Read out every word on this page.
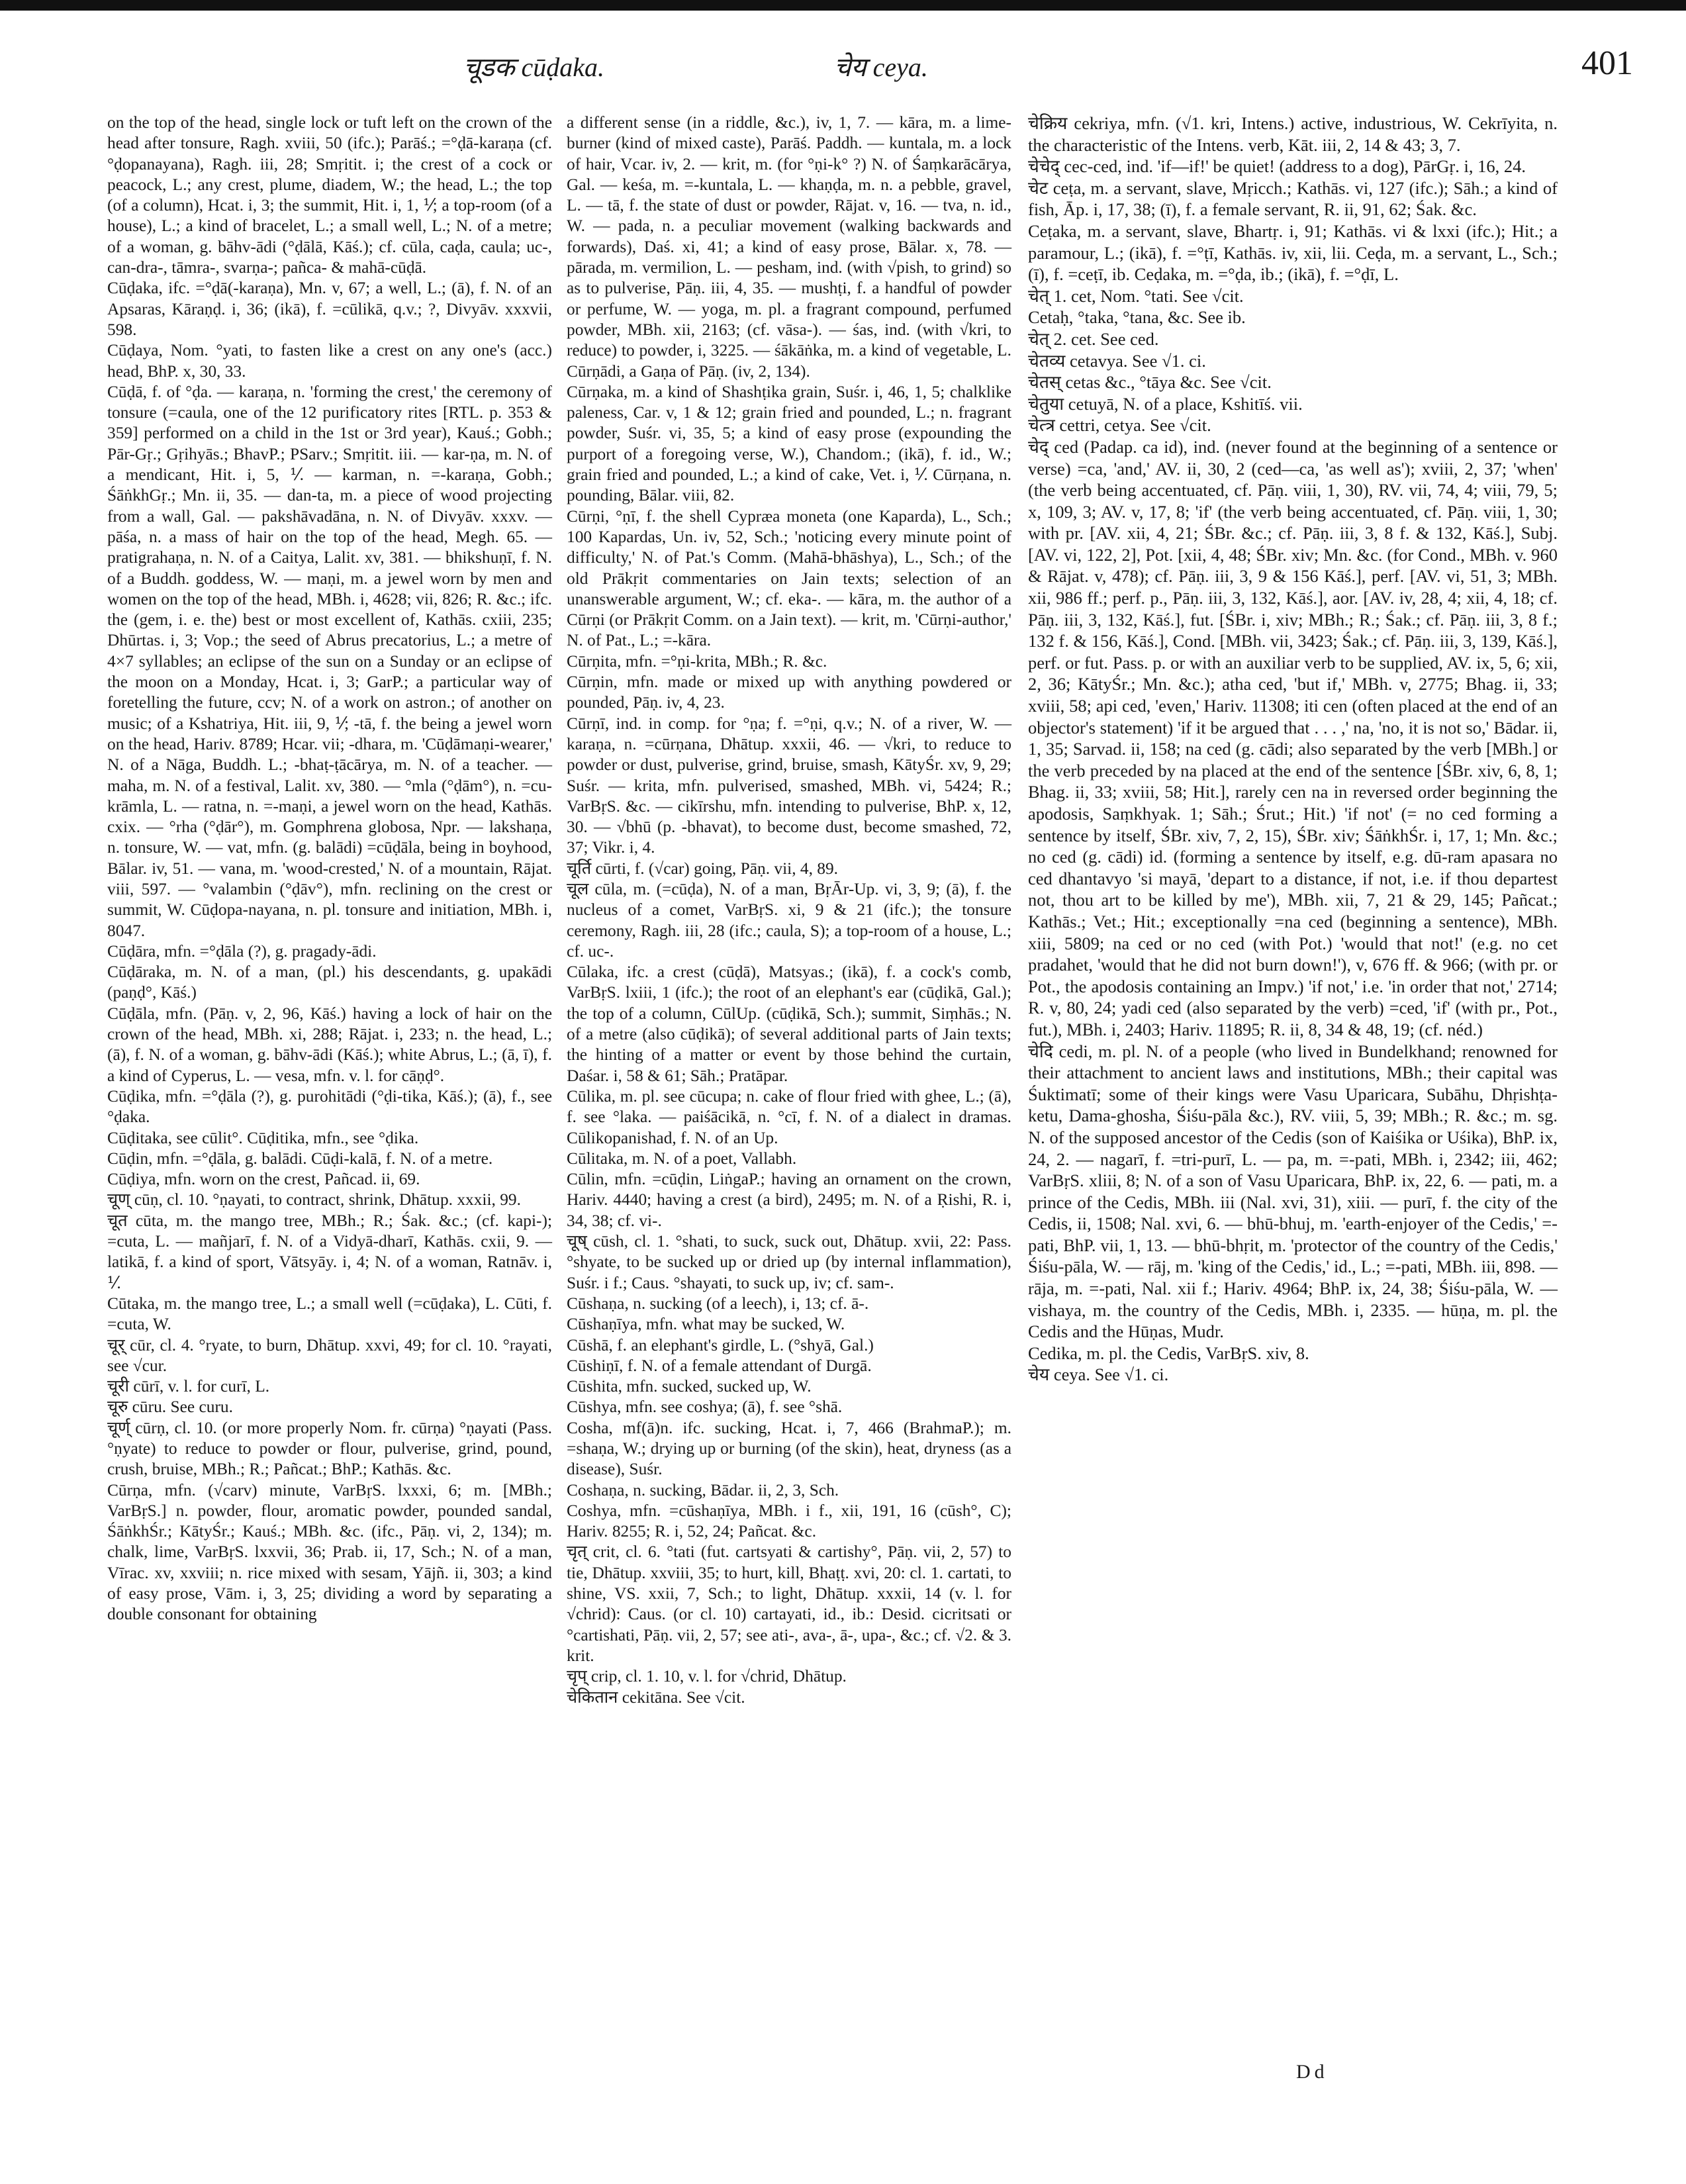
चूडक cūḍaka.	चेय ceya.	401

on the top of the head, single lock or tuft left on the crown of the head after tonsure, Ragh. xviii, 50 (ifc.); Parāś.; =°ḍā-karaṇa (cf. °ḍopanayana), Ragh. iii, 28; Smṛitit. i; the crest of a cock or peacock, L.; any crest, plume, diadem, W.; the head, L.; the top (of a column), Hcat. i, 3; the summit, Hit. i, 1, ⅟; a top-room (of a house), L.; a kind of bracelet, L.; a small well, L.; N. of a metre; of a woman, g. bāhv-ādi (°ḍālā, Kāś.); cf. cūla, caḍa, caula; uc-, can-dra-, tāmra-, svarṇa-; pañca- & mahā-cūḍā.
Cūḍaka, ifc. =°ḍā(-karaṇa), Mn. v, 67; a well, L.; (ā), f. N. of an Apsaras, Kāraṇḍ. i, 36; (ikā), f. =cūlikā, q.v.; ?, Divyāv. xxxvii, 598.
Cūḍaya, Nom. °yati, to fasten like a crest on any one's (acc.) head, BhP. x, 30, 33.
Cūḍā, f. of °ḍa. — karaṇa, n. 'forming the crest,' the ceremony of tonsure (=caula, one of the 12 purificatory rites [RTL. p. 353 & 359] performed on a child in the 1st or 3rd year), Kauś.; Gobh.; Pār-Gṛ.; Gṛihyās.; BhavP.; PSarv.; Smṛitit. iii. — kar-ṇa, m. N. of a mendicant, Hit. i, 5, ⅟. — karman, n. =-karaṇa, Gobh.; ŚāṅkhGṛ.; Mn. ii, 35. — dan-ta, m. a piece of wood projecting from a wall, Gal. — pakshāvadāna, n. N. of Divyāv. xxxv. — pāśa, n. a mass of hair on the top of the head, Megh. 65. — pratigrahaṇa, n. N. of a Caitya, Lalit. xv, 381. — bhikshuṇī, f. N. of a Buddh. goddess, W. — maṇi, m. a jewel worn by men and women on the top of the head, MBh. i, 4628; vii, 826; R. &c.; ifc. the (gem, i. e. the) best or most excellent of, Kathās. cxiii, 235; Dhūrtas. i, 3; Vop.; the seed of Abrus precatorius, L.; a metre of 4×7 syllables; an eclipse of the sun on a Sunday or an eclipse of the moon on a Monday, Hcat. i, 3; GarP.; a particular way of foretelling the future, ccv; N. of a work on astron.; of another on music; of a Kshatriya, Hit. iii, 9, ⅟; -tā, f. the being a jewel worn on the head, Hariv. 8789; Hcar. vii; -dhara, m. 'Cūḍāmaṇi-wearer,' N. of a Nāga, Buddh. L.; -bhaṭ-ṭācārya, m. N. of a teacher. — maha, m. N. of a festival, Lalit. xv, 380. — °mla (°ḍām°), n. =cu-krāmla, L. — ratna, n. =-maṇi, a jewel worn on the head, Kathās. cxix. — °rha (°ḍār°), m. Gomphrena globosa, Npr. — lakshaṇa, n. tonsure, W. — vat, mfn. (g. balādi) =cūḍāla, being in boyhood, Bālar. iv, 51. — vana, m. 'wood-crested,' N. of a mountain, Rājat. viii, 597. — °valambin (°ḍāv°), mfn. reclining on the crest or summit, W. Cūḍopa-nayana, n. pl. tonsure and initiation, MBh. i, 8047.
Cūḍāra, mfn. =°ḍāla (?), g. pragady-ādi.
Cūḍāraka, m. N. of a man, (pl.) his descendants, g. upakādi (paṇḍ°, Kāś.)
Cūḍāla, mfn. (Pāṇ. v, 2, 96, Kāś.) having a lock of hair on the crown of the head, MBh. xi, 288; Rājat. i, 233; n. the head, L.; (ā), f. N. of a woman, g. bāhv-ādi (Kāś.); white Abrus, L.; (ā, ī), f. a kind of Cyperus, L. — vesa, mfn. v. l. for cāṇḍ°.
Cūḍika, mfn. =°ḍāla (?), g. purohitādi (°ḍi-tika, Kāś.); (ā), f., see °ḍaka.
Cūḍitaka, see cūlit°. Cūḍitika, mfn., see °ḍika.
Cūḍin, mfn. =°ḍāla, g. balādi. Cūḍi-kalā, f. N. of a metre.
Cūḍiya, mfn. worn on the crest, Pañcad. ii, 69.
चूण् cūṇ, cl. 10. °ṇayati, to contract, shrink, Dhātup. xxxii, 99.
चूत cūta, m. the mango tree, MBh.; R.; Śak. &c.; (cf. kapi-); =cuta, L. — mañjarī, f. N. of a Vidyā-dharī, Kathās. cxii, 9. — latikā, f. a kind of sport, Vātsyāy. i, 4; N. of a woman, Ratnāv. i, ⅟.
Cūtaka, m. the mango tree, L.; a small well (=cūḍaka), L. Cūti, f. =cuta, W.
चूर् cūr, cl. 4. °ryate, to burn, Dhātup. xxvi, 49; for cl. 10. °rayati, see √cur.
चूरी cūrī, v. l. for curī, L.
चूरु cūru. See curu.
चूर्ण् cūrṇ, cl. 10. (or more properly Nom. fr. cūrṇa) °ṇayati (Pass. °ṇyate) to reduce to powder or flour, pulverise, grind, pound, crush, bruise, MBh.; R.; Pañcat.; BhP.; Kathās. &c.
Cūrṇa, mfn. (√carv) minute, VarBṛS. lxxxi, 6; m. [MBh.; VarBṛS.] n. powder, flour, aromatic powder, pounded sandal, ŚāṅkhŚr.; KātyŚr.; Kauś.; MBh. &c. (ifc., Pāṇ. vi, 2, 134); m. chalk, lime, VarBṛS. lxxvii, 36; Prab. ii, 17, Sch.; N. of a man, Vīrac. xv, xxviii; n. rice mixed with sesam, Yājñ. ii, 303; a kind of easy prose, Vām. i, 3, 25; dividing a word by separating a double consonant for obtaining

a different sense (in a riddle, &c.), iv, 1, 7. — kāra, m. a lime-burner (kind of mixed caste), Parāś. Paddh. — kuntala, m. a lock of hair, Vcar. iv, 2. — krit, m. (for °ṇi-k° ?) N. of Śaṃkarācārya, Gal. — keśa, m. =-kuntala, L. — khaṇḍa, m. n. a pebble, gravel, L. — tā, f. the state of dust or powder, Rājat. v, 16. — tva, n. id., W. — pada, n. a peculiar movement (walking backwards and forwards), Daś. xi, 41; a kind of easy prose, Bālar. x, 78. — pārada, m. vermilion, L. — pesham, ind. (with √pish, to grind) so as to pulverise, Pāṇ. iii, 4, 35. — mushṭi, f. a handful of powder or perfume, W. — yoga, m. pl. a fragrant compound, perfumed powder, MBh. xii, 2163; (cf. vāsa-). — śas, ind. (with √kri, to reduce) to powder, i, 3225. — śākāṅka, m. a kind of vegetable, L. Cūrṇādi, a Gaṇa of Pāṇ. (iv, 2, 134).
Cūrṇaka, m. a kind of Shashṭika grain, Suśr. i, 46, 1, 5; chalklike paleness, Car. v, 1 & 12; grain fried and pounded, L.; n. fragrant powder, Suśr. vi, 35, 5; a kind of easy prose (expounding the purport of a foregoing verse, W.), Chandom.; (ikā), f. id., W.; grain fried and pounded, L.; a kind of cake, Vet. i, ⅟. Cūrṇana, n. pounding, Bālar. viii, 82.
Cūrṇi, °ṇī, f. the shell Cypræa moneta (one Kaparda), L., Sch.; 100 Kapardas, Un. iv, 52, Sch.; 'noticing every minute point of difficulty,' N. of Pat.'s Comm. (Mahā-bhāshya), L., Sch.; of the old Prākṛit commentaries on Jain texts; selection of an unanswerable argument, W.; cf. eka-. — kāra, m. the author of a Cūrṇi (or Prākṛit Comm. on a Jain text). — krit, m. 'Cūrṇi-author,' N. of Pat., L.; =-kāra.
Cūrṇita, mfn. =°ṇi-krita, MBh.; R. &c.
Cūrṇin, mfn. made or mixed up with anything powdered or pounded, Pāṇ. iv, 4, 23.
Cūrṇī, ind. in comp. for °ṇa; f. =°ṇi, q.v.; N. of a river, W. — karaṇa, n. =cūrṇana, Dhātup. xxxii, 46. — √kri, to reduce to powder or dust, pulverise, grind, bruise, smash, KātyŚr. xv, 9, 29; Suśr. — krita, mfn. pulverised, smashed, MBh. vi, 5424; R.; VarBṛS. &c. — cikīrshu, mfn. intending to pulverise, BhP. x, 12, 30. — √bhū (p. -bhavat), to become dust, become smashed, 72, 37; Vikr. i, 4.
चूर्ति cūrti, f. (√car) going, Pāṇ. vii, 4, 89.
चूल cūla, m. (=cūḍa), N. of a man, BṛĀr-Up. vi, 3, 9; (ā), f. the nucleus of a comet, VarBṛS. xi, 9 & 21 (ifc.); the tonsure ceremony, Ragh. iii, 28 (ifc.; caula, S); a top-room of a house, L.; cf. uc-.
Cūlaka, ifc. a crest (cūḍā), Matsyas.; (ikā), f. a cock's comb, VarBṛS. lxiii, 1 (ifc.); the root of an elephant's ear (cūḍikā, Gal.); the top of a column, CūlUp. (cūḍikā, Sch.); summit, Siṃhās.; N. of a metre (also cūḍikā); of several additional parts of Jain texts; the hinting of a matter or event by those behind the curtain, Daśar. i, 58 & 61; Sāh.; Pratāpar.
Cūlika, m. pl. see cūcupa; n. cake of flour fried with ghee, L.; (ā), f. see °laka. — paiśācikā, n. °cī, f. N. of a dialect in dramas. Cūlikopanishad, f. N. of an Up.
Cūlitaka, m. N. of a poet, Vallabh.
Cūlin, mfn. =cūḍin, LiṅgaP.; having an ornament on the crown, Hariv. 4440; having a crest (a bird), 2495; m. N. of a Ṛishi, R. i, 34, 38; cf. vi-.
चूष् cūsh, cl. 1. °shati, to suck, suck out, Dhātup. xvii, 22: Pass. °shyate, to be sucked up or dried up (by internal inflammation), Suśr. i f.; Caus. °shayati, to suck up, iv; cf. sam-.
Cūshaṇa, n. sucking (of a leech), i, 13; cf. ā-.
Cūshaṇīya, mfn. what may be sucked, W.
Cūshā, f. an elephant's girdle, L. (°shyā, Gal.)
Cūshiṇī, f. N. of a female attendant of Durgā.
Cūshita, mfn. sucked, sucked up, W.
Cūshya, mfn. see coshya; (ā), f. see °shā.
Cosha, mf(ā)n. ifc. sucking, Hcat. i, 7, 466 (BrahmaP.); m. =shaṇa, W.; drying up or burning (of the skin), heat, dryness (as a disease), Suśr.
Coshaṇa, n. sucking, Bādar. ii, 2, 3, Sch.
Coshya, mfn. =cūshaṇīya, MBh. i f., xii, 191, 16 (cūsh°, C); Hariv. 8255; R. i, 52, 24; Pañcat. &c.
चृत् crit, cl. 6. °tati (fut. cartsyati & cartishy°, Pāṇ. vii, 2, 57) to tie, Dhātup. xxviii, 35; to hurt, kill, Bhaṭṭ. xvi, 20: cl. 1. cartati, to shine, VS. xxii, 7, Sch.; to light, Dhātup. xxxii, 14 (v. l. for √chrid): Caus. (or cl. 10) cartayati, id., ib.: Desid. cicritsati or °cartishati, Pāṇ. vii, 2, 57; see ati-, ava-, ā-, upa-, &c.; cf. √2. & 3. krit.
चृप् crip, cl. 1. 10, v. l. for √chrid, Dhātup.
चेकितान cekitāna. See √cit.

चेक्रिय cekriya, mfn. (√1. kri, Intens.) active, industrious, W. Cekrīyita, n. the characteristic of the Intens. verb, Kāt. iii, 2, 14 & 43; 3, 7.
चेचेद् cec-ced, ind. 'if—if!' be quiet! (address to a dog), PārGṛ. i, 16, 24.
चेट ceṭa, m. a servant, slave, Mṛicch.; Kathās. vi, 127 (ifc.); Sāh.; a kind of fish, Āp. i, 17, 38; (ī), f. a female servant, R. ii, 91, 62; Śak. &c.
Ceṭaka, m. a servant, slave, Bhartṛ. i, 91; Kathās. vi & lxxi (ifc.); Hit.; a paramour, L.; (ikā), f. =°ṭī, Kathās. iv, xii, lii. Ceḍa, m. a servant, L., Sch.; (ī), f. =ceṭī, ib. Ceḍaka, m. =°ḍa, ib.; (ikā), f. =°ḍī, L.
चेत् 1. cet, Nom. °tati. See √cit.
Cetaḥ, °taka, °tana, &c. See ib.
चेत् 2. cet. See ced.
चेतव्य cetavya. See √1. ci.
चेतस् cetas &c., °tāya &c. See √cit.
चेतुया cetuyā, N. of a place, Kshitīś. vii.
चेत्त्र cettri, cetya. See √cit.
चेद् ced (Padap. ca id), ind. (never found at the beginning of a sentence or verse) =ca, 'and,' AV. ii, 30, 2 (ced—ca, 'as well as'); xviii, 2, 37; 'when' (the verb being accentuated, cf. Pāṇ. viii, 1, 30), RV. vii, 74, 4; viii, 79, 5; x, 109, 3; AV. v, 17, 8; 'if' (the verb being accentuated, cf. Pāṇ. viii, 1, 30; with pr. [AV. xii, 4, 21; ŚBr. &c.; cf. Pāṇ. iii, 3, 8 f. & 132, Kāś.], Subj. [AV. vi, 122, 2], Pot. [xii, 4, 48; ŚBr. xiv; Mn. &c. (for Cond., MBh. v. 960 & Rājat. v, 478); cf. Pāṇ. iii, 3, 9 & 156 Kāś.], perf. [AV. vi, 51, 3; MBh. xii, 986 ff.; perf. p., Pāṇ. iii, 3, 132, Kāś.], aor. [AV. iv, 28, 4; xii, 4, 18; cf. Pāṇ. iii, 3, 132, Kāś.], fut. [ŚBr. i, xiv; MBh.; R.; Śak.; cf. Pāṇ. iii, 3, 8 f.; 132 f. & 156, Kāś.], Cond. [MBh. vii, 3423; Śak.; cf. Pāṇ. iii, 3, 139, Kāś.], perf. or fut. Pass. p. or with an auxiliar verb to be supplied, AV. ix, 5, 6; xii, 2, 36; KātyŚr.; Mn. &c.); atha ced, 'but if,' MBh. v, 2775; Bhag. ii, 33; xviii, 58; api ced, 'even,' Hariv. 11308; iti cen (often placed at the end of an objector's statement) 'if it be argued that . . . ,' na, 'no, it is not so,' Bādar. ii, 1, 35; Sarvad. ii, 158; na ced (g. cādi; also separated by the verb [MBh.] or the verb preceded by na placed at the end of the sentence [ŚBr. xiv, 6, 8, 1; Bhag. ii, 33; xviii, 58; Hit.], rarely cen na in reversed order beginning the apodosis, Saṃkhyak. 1; Sāh.; Śrut.; Hit.) 'if not' (= no ced forming a sentence by itself, ŚBr. xiv, 7, 2, 15), ŚBr. xiv; ŚāṅkhŚr. i, 17, 1; Mn. &c.; no ced (g. cādi) id. (forming a sentence by itself, e.g. dū-ram apasara no ced dhantavyo 'si mayā, 'depart to a distance, if not, i.e. if thou departest not, thou art to be killed by me'), MBh. xii, 7, 21 & 29, 145; Pañcat.; Kathās.; Vet.; Hit.; exceptionally =na ced (beginning a sentence), MBh. xiii, 5809; na ced or no ced (with Pot.) 'would that not!' (e.g. no cet pradahet, 'would that he did not burn down!'), v, 676 ff. & 966; (with pr. or Pot., the apodosis containing an Impv.) 'if not,' i.e. 'in order that not,' 2714; R. v, 80, 24; yadi ced (also separated by the verb) =ced, 'if' (with pr., Pot., fut.), MBh. i, 2403; Hariv. 11895; R. ii, 8, 34 & 48, 19; (cf. néd.)
चेदि cedi, m. pl. N. of a people (who lived in Bundelkhand; renowned for their attachment to ancient laws and institutions, MBh.; their capital was Śuktimatī; some of their kings were Vasu Uparicara, Subāhu, Dhṛishṭa-ketu, Dama-ghosha, Śiśu-pāla &c.), RV. viii, 5, 39; MBh.; R. &c.; m. sg. N. of the supposed ancestor of the Cedis (son of Kaiśika or Uśika), BhP. ix, 24, 2. — nagarī, f. =tri-purī, L. — pa, m. =-pati, MBh. i, 2342; iii, 462; VarBṛS. xliii, 8; N. of a son of Vasu Uparicara, BhP. ix, 22, 6. — pati, m. a prince of the Cedis, MBh. iii (Nal. xvi, 31), xiii. — purī, f. the city of the Cedis, ii, 1508; Nal. xvi, 6. — bhū-bhuj, m. 'earth-enjoyer of the Cedis,' =-pati, BhP. vii, 1, 13. — bhū-bhṛit, m. 'protector of the country of the Cedis,' Śiśu-pāla, W. — rāj, m. 'king of the Cedis,' id., L.; =-pati, MBh. iii, 898. — rāja, m. =-pati, Nal. xii f.; Hariv. 4964; BhP. ix, 24, 38; Śiśu-pāla, W. — vishaya, m. the country of the Cedis, MBh. i, 2335. — hūṇa, m. pl. the Cedis and the Hūṇas, Mudr.
Cedika, m. pl. the Cedis, VarBṛS. xiv, 8.
चेय ceya. See √1. ci.

Dd
